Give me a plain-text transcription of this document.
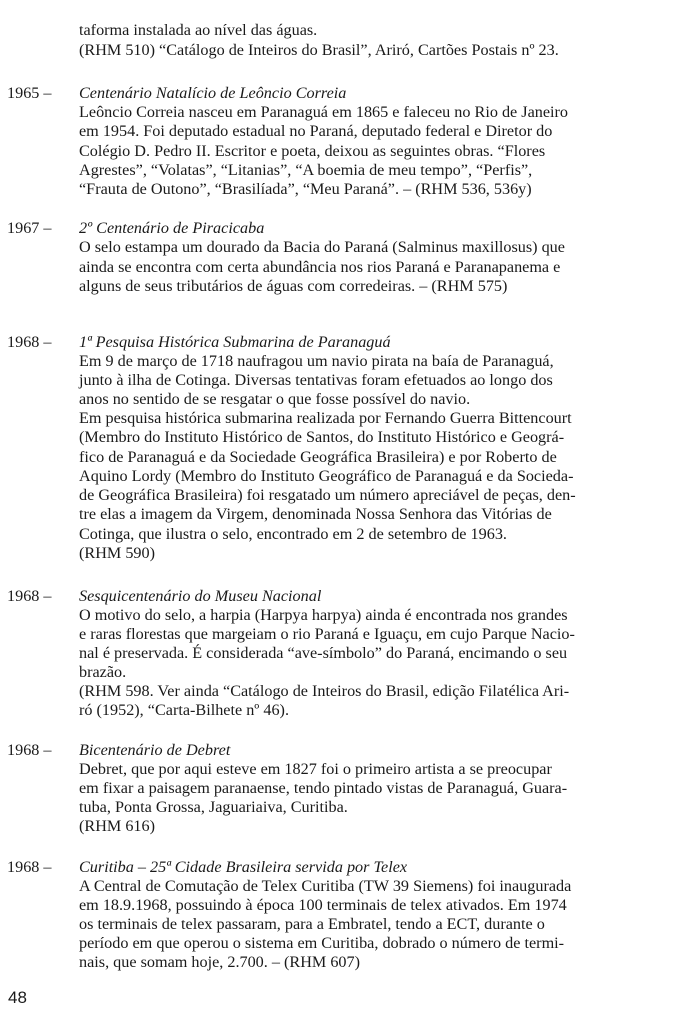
taforma instalada ao nível das águas.
(RHM 510) “Catálogo de Inteiros do Brasil”, Ariró, Cartões Postais nº 23.
1965 – Centenário Natalício de Leôncio Correia
Leôncio Correia nasceu em Paranaguá em 1865 e faleceu no Rio de Janeiro
em 1954. Foi deputado estadual no Paraná, deputado federal e Diretor do
Colégio D. Pedro II. Escritor e poeta, deixou as seguintes obras. “Flores
Agrestes”, “Volatas”, “Litanias”, “A boemia de meu tempo”, “Perfis”,
“Frauta de Outono”, “Brasilíada”, “Meu Paraná”. – (RHM 536, 536y)
1967 – 2º Centenário de Piracicaba
O selo estampa um dourado da Bacia do Paraná (Salminus maxillosus) que
ainda se encontra com certa abundância nos rios Paraná e Paranapanema e
alguns de seus tributários de águas com corredeiras. – (RHM 575)
1968 – 1ª Pesquisa Histórica Submarina de Paranaguá
Em 9 de março de 1718 naufragou um navio pirata na baía de Paranaguá,
junto à ilha de Cotinga. Diversas tentativas foram efetuados ao longo dos
anos no sentido de se resgatar o que fosse possível do navio.
Em pesquisa histórica submarina realizada por Fernando Guerra Bittencourt
(Membro do Instituto Histórico de Santos, do Instituto Histórico e Geográ-
fico de Paranaguá e da Sociedade Geográfica Brasileira) e por Roberto de
Aquino Lordy (Membro do Instituto Geográfico de Paranaguá e da Socieda-
de Geográfica Brasileira) foi resgatado um número apreciável de peças, den-
tre elas a imagem da Virgem, denominada Nossa Senhora das Vitórias de
Cotinga, que ilustra o selo, encontrado em 2 de setembro de 1963.
(RHM 590)
1968 – Sesquicentenário do Museu Nacional
O motivo do selo, a harpia (Harpya harpya) ainda é encontrada nos grandes
e raras florestas que margeiam o rio Paraná e Iguaçu, em cujo Parque Nacio-
nal é preservada. É considerada “ave-símbolo” do Paraná, encimando o seu
brazão.
(RHM 598. Ver ainda “Catálogo de Inteiros do Brasil, edição Filatélica Ari-
ró (1952), “Carta-Bilhete nº 46).
1968 – Bicentenário de Debret
Debret, que por aqui esteve em 1827 foi o primeiro artista a se preocupar
em fixar a paisagem paranaense, tendo pintado vistas de Paranaguá, Guara-
tuba, Ponta Grossa, Jaguariaiva, Curitiba.
(RHM 616)
1968 – Curitiba – 25ª Cidade Brasileira servida por Telex
A Central de Comutação de Telex Curitiba (TW 39 Siemens) foi inaugurada
em 18.9.1968, possuindo à época 100 terminais de telex ativados. Em 1974
os terminais de telex passaram, para a Embratel, tendo a ECT, durante o
período em que operou o sistema em Curitiba, dobrado o número de termi-
nais, que somam hoje, 2.700. – (RHM 607)
48
